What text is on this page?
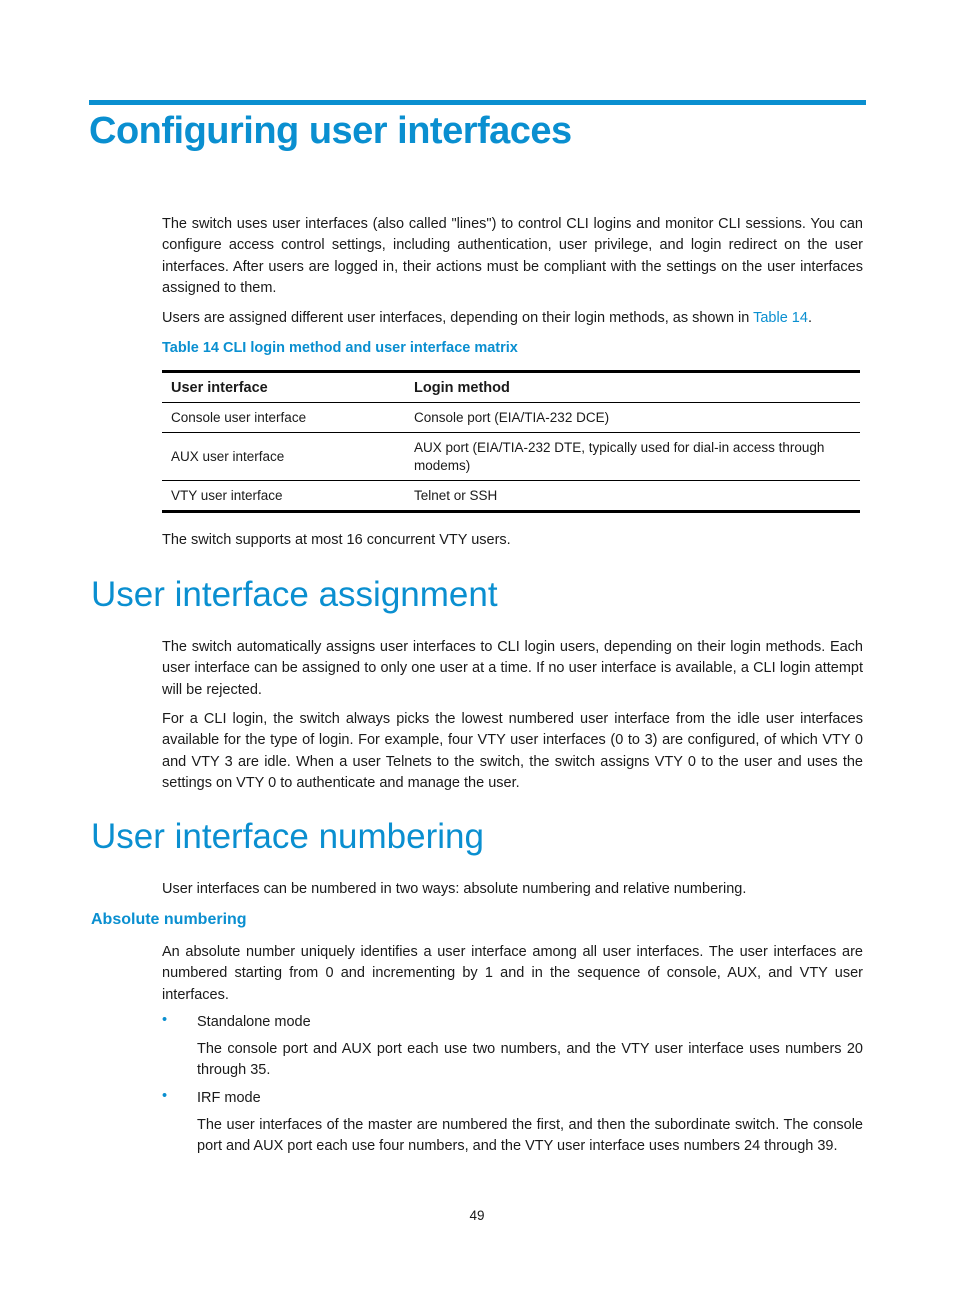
Configuring user interfaces

The switch uses user interfaces (also called "lines") to control CLI logins and monitor CLI sessions. You can configure access control settings, including authentication, user privilege, and login redirect on the user interfaces. After users are logged in, their actions must be compliant with the settings on the user interfaces assigned to them.

Users are assigned different user interfaces, depending on their login methods, as shown in Table 14.

Table 14 CLI login method and user interface matrix

User interface	Login method
Console user interface	Console port (EIA/TIA-232 DCE)
AUX user interface	AUX port (EIA/TIA-232 DTE, typically used for dial-in access through modems)
VTY user interface	Telnet or SSH

The switch supports at most 16 concurrent VTY users.

User interface assignment

The switch automatically assigns user interfaces to CLI login users, depending on their login methods. Each user interface can be assigned to only one user at a time. If no user interface is available, a CLI login attempt will be rejected.

For a CLI login, the switch always picks the lowest numbered user interface from the idle user interfaces available for the type of login. For example, four VTY user interfaces (0 to 3) are configured, of which VTY 0 and VTY 3 are idle. When a user Telnets to the switch, the switch assigns VTY 0 to the user and uses the settings on VTY 0 to authenticate and manage the user.

User interface numbering

User interfaces can be numbered in two ways: absolute numbering and relative numbering.

Absolute numbering

An absolute number uniquely identifies a user interface among all user interfaces. The user interfaces are numbered starting from 0 and incrementing by 1 and in the sequence of console, AUX, and VTY user interfaces.

• Standalone mode

The console port and AUX port each use two numbers, and the VTY user interface uses numbers 20 through 35.

• IRF mode

The user interfaces of the master are numbered the first, and then the subordinate switch. The console port and AUX port each use four numbers, and the VTY user interface uses numbers 24 through 39.

49
